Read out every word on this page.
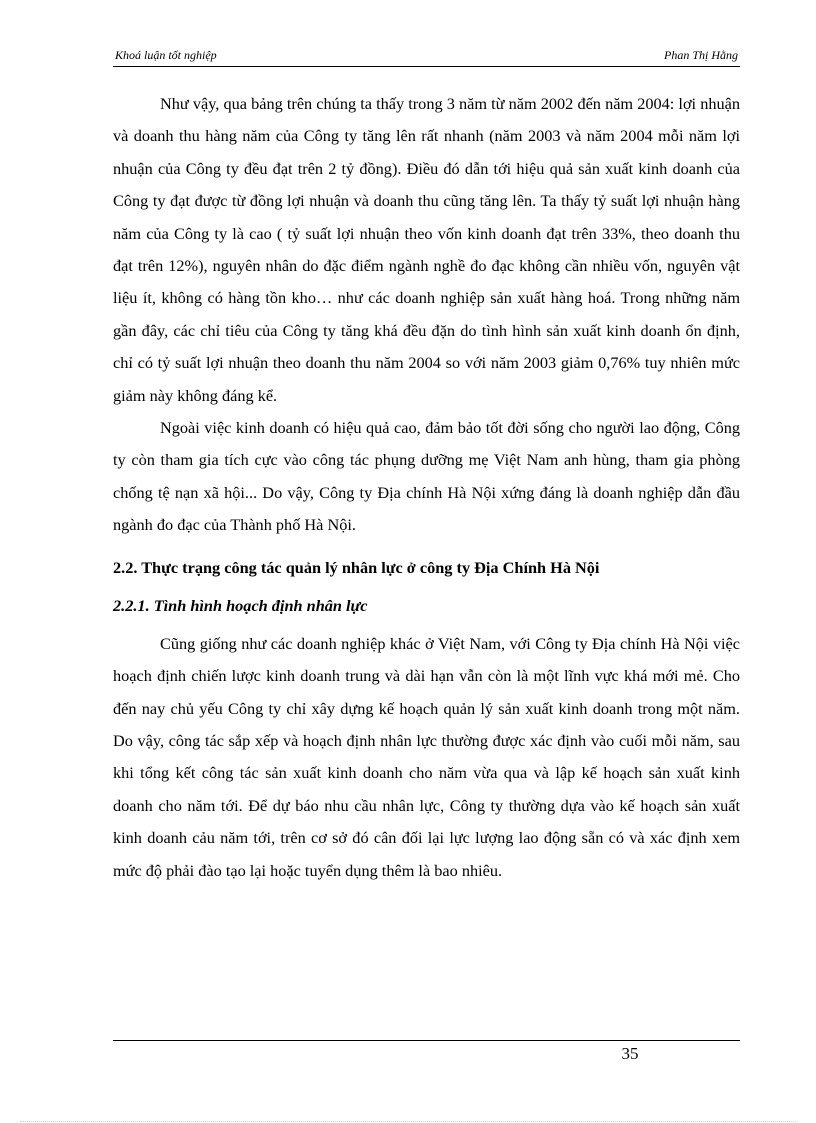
Khoá luận tốt nghiệp	Phan Thị Hằng

Như vậy, qua bảng trên chúng ta thấy trong 3 năm từ năm 2002 đến năm 2004: lợi nhuận và doanh thu hàng năm của Công ty tăng lên rất nhanh (năm 2003 và năm 2004 mỗi năm lợi nhuận của Công ty đều đạt trên 2 tỷ đồng). Điều đó dẫn tới hiệu quả sản xuất kinh doanh của Công ty đạt được từ đồng lợi nhuận và doanh thu cũng tăng lên. Ta thấy tỷ suất lợi nhuận hàng năm của Công ty là cao ( tỷ suất lợi nhuận theo vốn kinh doanh đạt trên 33%, theo doanh thu đạt trên 12%), nguyên nhân do đặc điểm ngành nghề đo đạc không cần nhiều vốn, nguyên vật liệu ít, không có hàng tồn kho… như các doanh nghiệp sản xuất hàng hoá. Trong những năm gần đây, các chỉ tiêu của Công ty tăng khá đều đặn do tình hình sản xuất kinh doanh ổn định, chỉ có tỷ suất lợi nhuận theo doanh thu năm 2004 so với năm 2003 giảm 0,76% tuy nhiên mức giảm này không đáng kể.

Ngoài việc kinh doanh có hiệu quả cao, đảm bảo tốt đời sống cho người lao động, Công ty còn tham gia tích cực vào công tác phụng dưỡng mẹ Việt Nam anh hùng, tham gia phòng chống tệ nạn xã hội... Do vậy, Công ty Địa chính Hà Nội xứng đáng là doanh nghiệp dẫn đầu ngành đo đạc của Thành phố Hà Nội.

2.2. Thực trạng công tác quản lý nhân lực ở công ty Địa Chính Hà Nội
2.2.1. Tình hình hoạch định nhân lực

Cũng giống như các doanh nghiệp khác ở Việt Nam, với Công ty Địa chính Hà Nội việc hoạch định chiến lược kinh doanh trung và dài hạn vẫn còn là một lĩnh vực khá mới mẻ. Cho đến nay chủ yếu Công ty chỉ xây dựng kế hoạch quản lý sản xuất kinh doanh trong một năm. Do vậy, công tác sắp xếp và hoạch định nhân lực thường được xác định vào cuối mỗi năm, sau khi tổng kết công tác sản xuất kinh doanh cho năm vừa qua và lập kế hoạch sản xuất kinh doanh cho năm tới. Để dự báo nhu cầu nhân lực, Công ty thường dựa vào kế hoạch sản xuất kinh doanh cảu năm tới, trên cơ sở đó cân đối lại lực lượng lao động sẵn có và xác định xem mức độ phải đào tạo lại hoặc tuyển dụng thêm là bao nhiêu.

35
